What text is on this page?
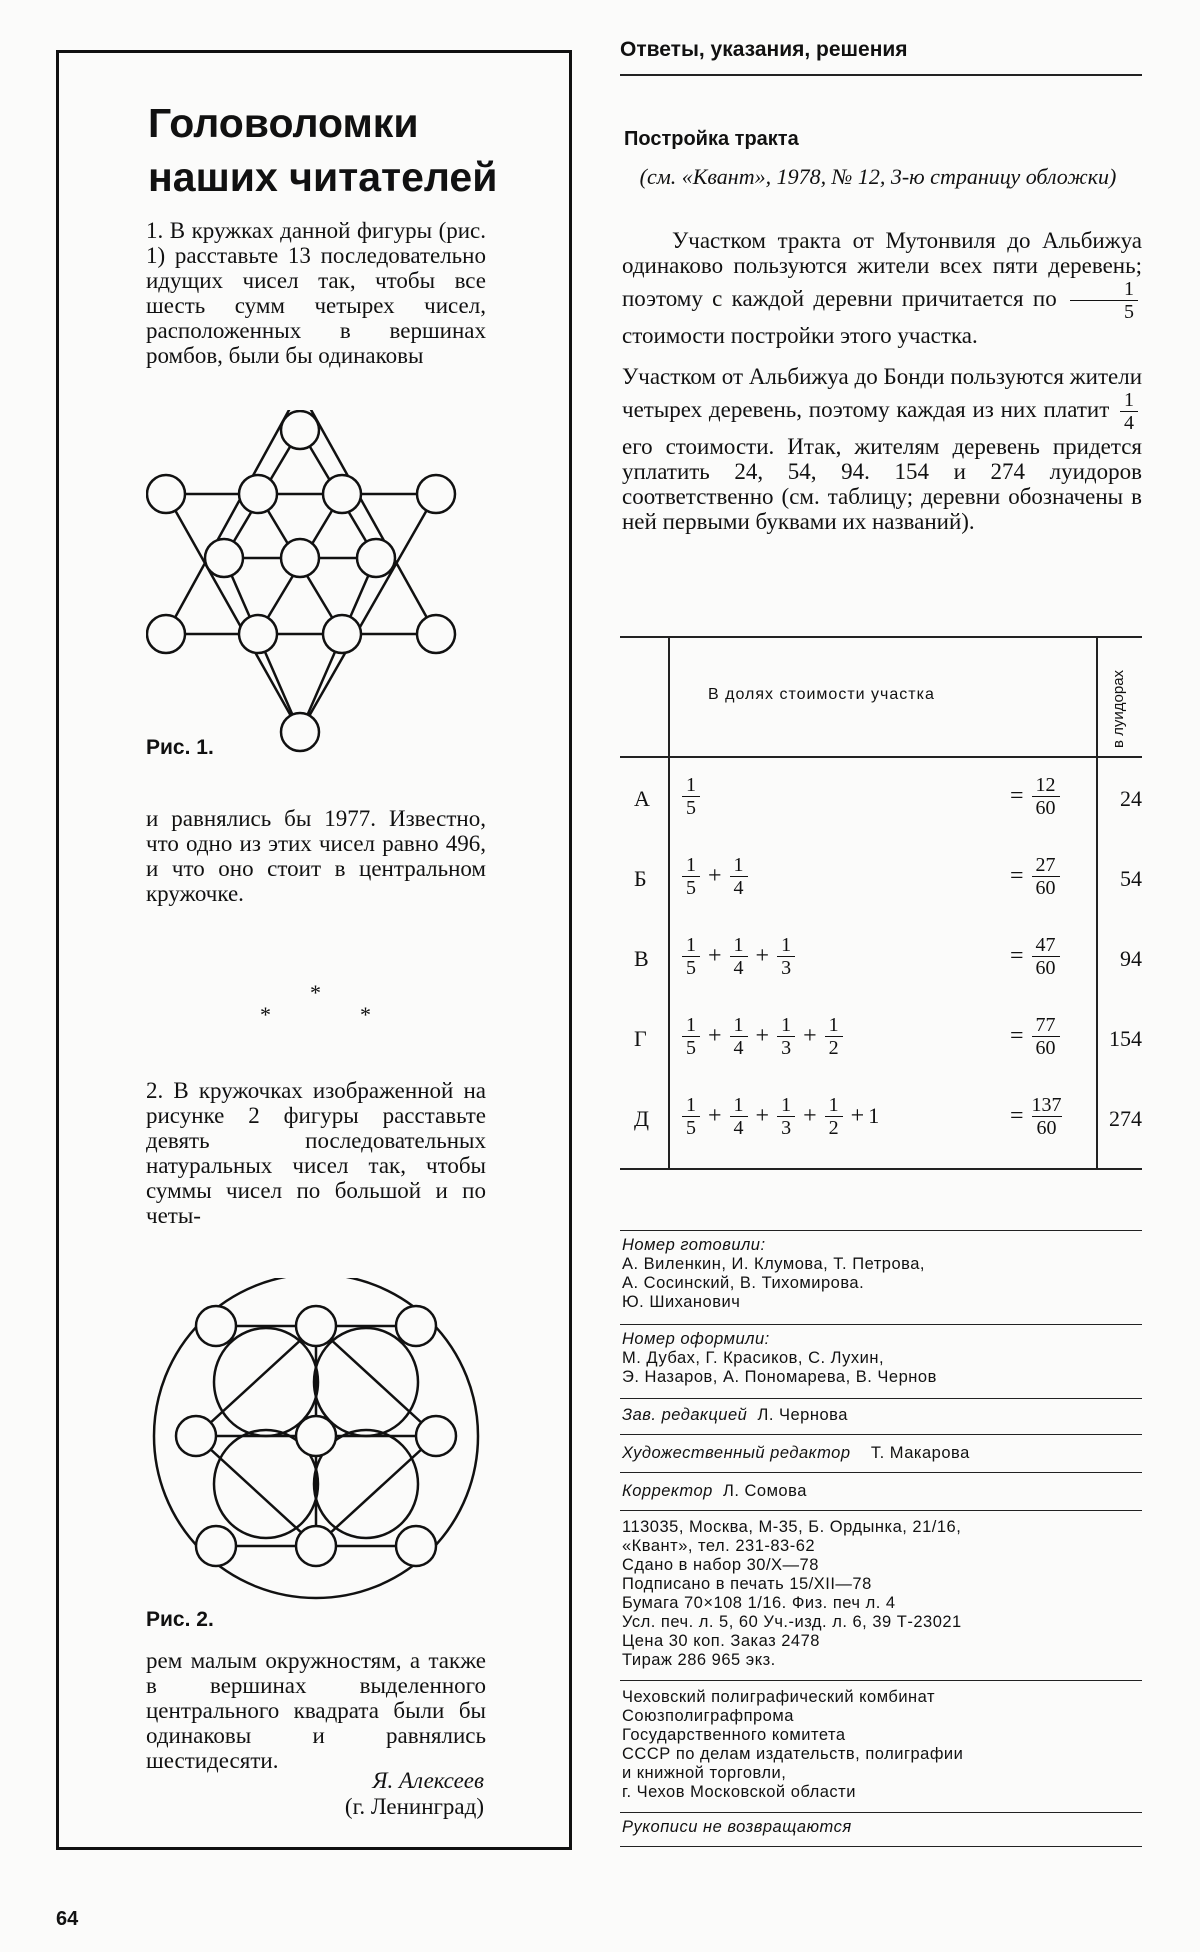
Головоломки
наших читателей
1. В кружках данной фигуры (рис. 1) расставьте 13 последовательно идущих чисел так, чтобы все шесть сумм четырех чисел, расположенных в вершинах ромбов, были бы одинаковы
Рис. 1.
и равнялись бы 1977. Известно, что одно из этих чисел равно 496, и что оно стоит в центральном кружочке.
*
*	*
2. В кружочках изображенной на рисунке 2 фигуры расставьте девять последовательных натуральных чисел так, чтобы суммы чисел по большой и по четы-
Рис. 2.
рем малым окружностям, а также в вершинах выделенного центрального квадрата были бы одинаковы и равнялись шестидесяти.
Я. Алексеев
(г. Ленинград)
64
Ответы, указания, решения
Постройка тракта
(см. «Квант», 1978, № 12, 3-ю страницу обложки)
Участком тракта от Мутонвиля до Альбижуа одинаково пользуются жители всех пяти деревень; поэтому с каждой деревни причитается по $\frac{1}{5}$
стоимости постройки этого участка.
Участком от Альбижуа до Бонди пользуются жители четырех деревень, поэтому каждая из них платит $\frac{1}{4}$
его стоимости. Итак, жителям деревень придется уплатить 24, 54, 94. 154 и 274 луидоров соответственно (см. таблицу; деревни обозначены в ней первыми буквами их названий).
В долях стоимости участка	в луидорах
А $\frac{1}{5}$	= $\frac{12}{60}$	24
Б $\frac{1}{5} + \frac{1}{4}$	= $\frac{27}{60}$	54
В $\frac{1}{5} + \frac{1}{4} + \frac{1}{3}$	= $\frac{47}{60}$	94
Г $\frac{1}{5} + \frac{1}{4} + \frac{1}{3} + \frac{1}{2}$	= $\frac{77}{60}$	154
Д $\frac{1}{5} + \frac{1}{4} + \frac{1}{3} + \frac{1}{2} + 1$	= $\frac{137}{60}$	274
Номер готовили:
А. Виленкин, И. Клумова, Т. Петрова,
А. Сосинский, В. Тихомирова.
Ю. Шиханович
Номер оформили:
М. Дубах, Г. Красиков, С. Лухин,
Э. Назаров, А. Пономарева, В. Чернов
Зав. редакцией Л. Чернова
Художественный редактор Т. Макарова
Корректор Л. Сомова
113035, Москва, М-35, Б. Ордынка, 21/16,
«Квант», тел. 231-83-62
Сдано в набор 30/X—78
Подписано в печать 15/XII—78
Бумага 70×108 1/16. Физ. печ л. 4
Усл. печ. л. 5, 60 Уч.-изд. л. 6, 39 Т-23021
Цена 30 коп. Заказ 2478
Тираж 286 965 экз.
Чеховский полиграфический комбинат
Союзполиграфпрома
Государственного комитета
СССР по делам издательств, полиграфии
и книжной торговли,
г. Чехов Московской области
Рукописи не возвращаются
